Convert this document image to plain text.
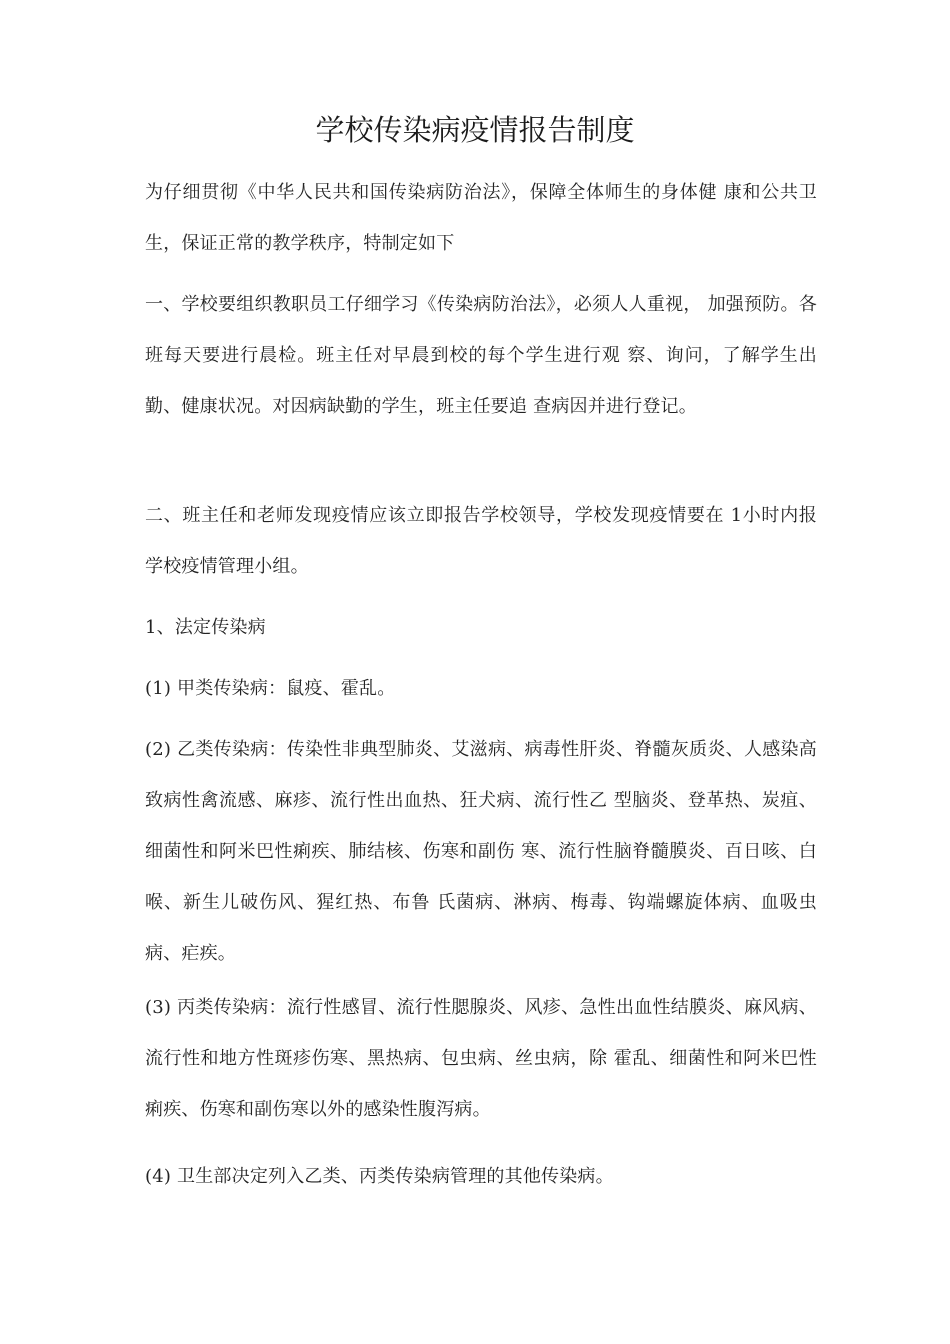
学校传染病疫情报告制度

为仔细贯彻《中华人民共和国传染病防治法》，保障全体师生的身体健 康和公共卫生，保证正常的教学秩序，特制定如下

一、学校要组织教职员工仔细学习《传染病防治法》，必须人人重视， 加强预防。各班每天要进行晨检。班主任对早晨到校的每个学生进行观 察、询问，了解学生出勤、健康状况。对因病缺勤的学生，班主任要追 查病因并进行登记。

二、班主任和老师发现疫情应该立即报告学校领导，学校发现疫情要在 1小时内报学校疫情管理小组。

1、法定传染病

(1) 甲类传染病：鼠疫、霍乱。

(2) 乙类传染病：传染性非典型肺炎、艾滋病、病毒性肝炎、脊髓灰质炎、人感染高致病性禽流感、麻疹、流行性出血热、狂犬病、流行性乙 型脑炎、登革热、炭疽、细菌性和阿米巴性痢疾、肺结核、伤寒和副伤 寒、流行性脑脊髓膜炎、百日咳、白喉、新生儿破伤风、猩红热、布鲁 氏菌病、淋病、梅毒、钩端螺旋体病、血吸虫病、疟疾。

(3) 丙类传染病：流行性感冒、流行性腮腺炎、风疹、急性出血性结膜炎、麻风病、流行性和地方性斑疹伤寒、黑热病、包虫病、丝虫病，除 霍乱、细菌性和阿米巴性痢疾、伤寒和副伤寒以外的感染性腹泻病。

(4) 卫生部决定列入乙类、丙类传染病管理的其他传染病。
